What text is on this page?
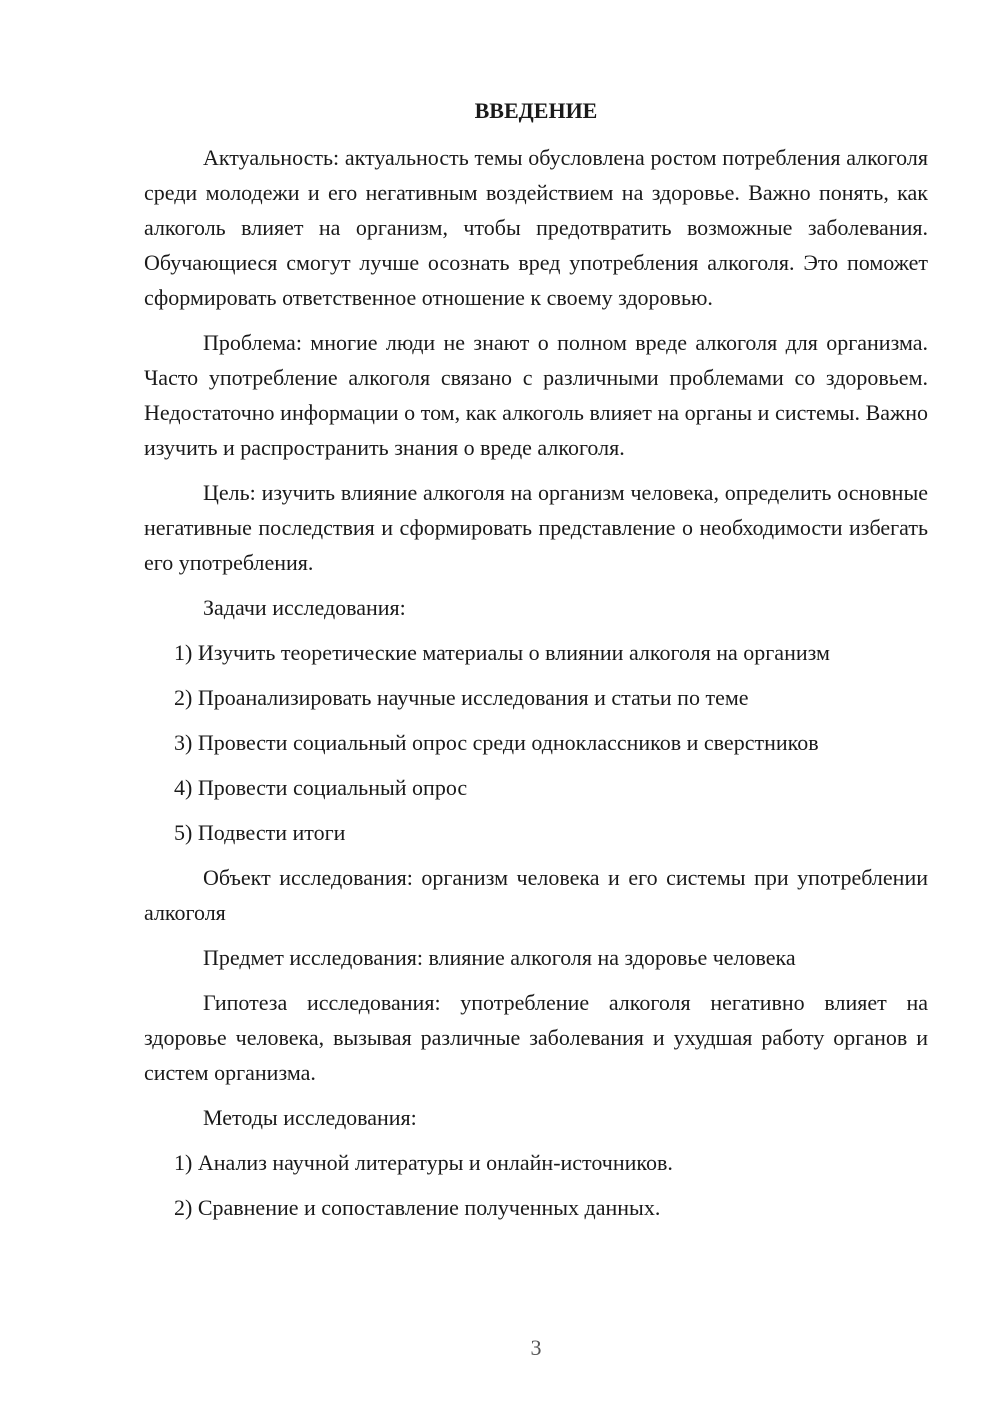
ВВЕДЕНИЕ

Актуальность: актуальность темы обусловлена ростом потребления алкоголя среди молодежи и его негативным воздействием на здоровье. Важно понять, как алкоголь влияет на организм, чтобы предотвратить возможные заболевания. Обучающиеся смогут лучше осознать вред употребления алкоголя. Это поможет сформировать ответственное отношение к своему здоровью.

Проблема: многие люди не знают о полном вреде алкоголя для организма. Часто употребление алкоголя связано с различными проблемами со здоровьем. Недостаточно информации о том, как алкоголь влияет на органы и системы. Важно изучить и распространить знания о вреде алкоголя.

Цель: изучить влияние алкоголя на организм человека, определить основные негативные последствия и сформировать представление о необходимости избегать его употребления.

Задачи исследования:

1) Изучить теоретические материалы о влиянии алкоголя на организм
2) Проанализировать научные исследования и статьи по теме
3) Провести социальный опрос среди одноклассников и сверстников
4) Провести социальный опрос
5) Подвести итоги

Объект исследования: организм человека и его системы при употреблении алкоголя

Предмет исследования: влияние алкоголя на здоровье человека

Гипотеза исследования: употребление алкоголя негативно влияет на здоровье человека, вызывая различные заболевания и ухудшая работу органов и систем организма.

Методы исследования:

1) Анализ научной литературы и онлайн-источников.
2) Сравнение и сопоставление полученных данных.
3
